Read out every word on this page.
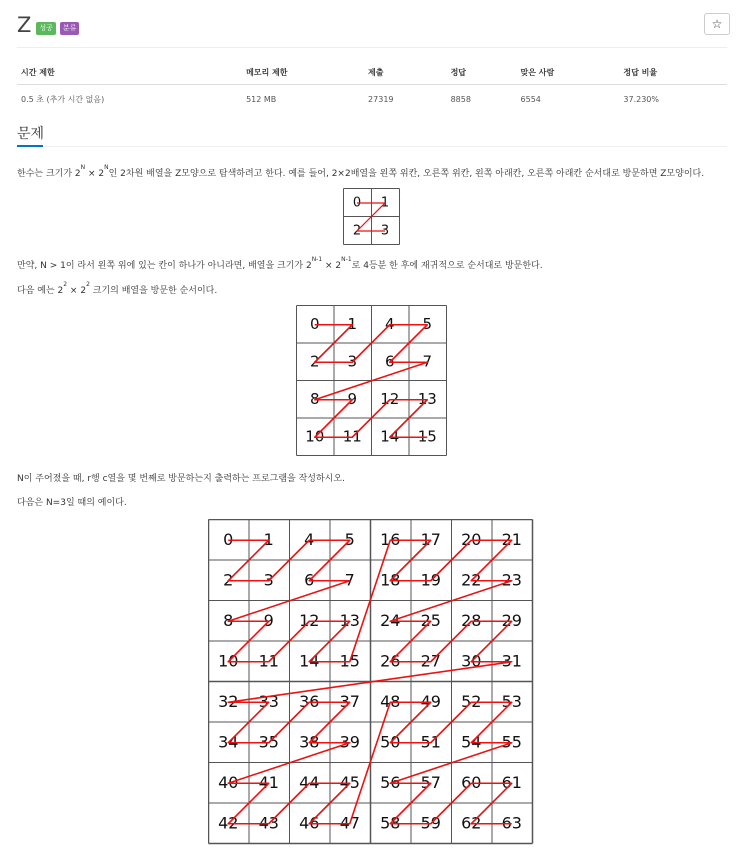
Z	성공	분류	☆
시간 제한	메모리 제한	제출	정답	맞은 사람	정답 비율
0.5 초 (추가 시간 없음)	512 MB	27319	8858	6554	37.230%
문제
한수는 크기가 $2^N \times 2^N$인 2차원 배열을 Z모양으로 탐색하려고 한다. 예를 들어, 2×2배열을 왼쪽 위칸, 오른쪽 위칸, 왼쪽 아래칸, 오른쪽 아래칸 순서대로 방문하면 Z모양이다.
0 1
2 3
만약, N > 1이 라서 왼쪽 위에 있는 칸이 하나가 아니라면, 배열을 크기가 $2^{N-1} \times 2^{N-1}$로 4등분 한 후에 재귀적으로 순서대로 방문한다.
다음 예는 $2^2 \times 2^2$ 크기의 배열을 방문한 순서이다.
0 1 4 5
2 3 6 7
8 9 12 13
10 11 14 15
N이 주어졌을 때, r행 c열을 몇 번째로 방문하는지 출력하는 프로그램을 작성하시오.
다음은 N=3일 때의 예이다.
0 1 4 5 16 17 20 21
2 3 6 7 18 19 22 23
8 9 12 13 24 25 28 29
10 11 14 15 26 27 30 31
32 33 36 37 48 49 52 53
34 35 38 39 50 51 54 55
40 41 44 45 56 57 60 61
42 43 46 47 58 59 62 63
